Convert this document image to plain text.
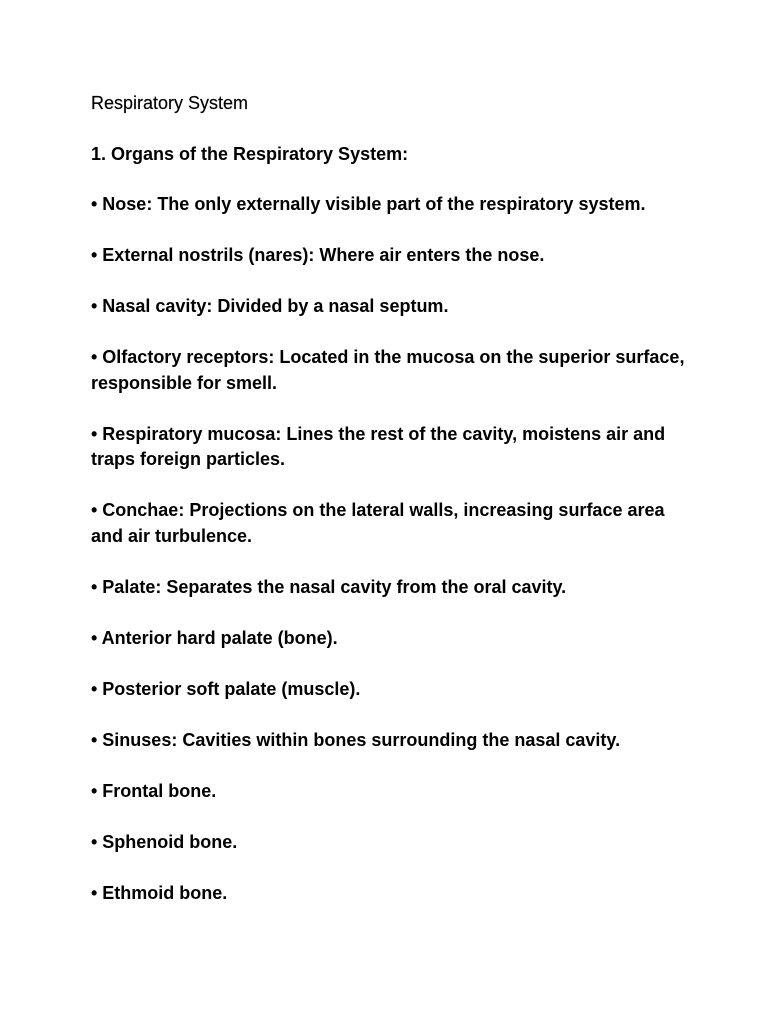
Respiratory System
1. Organs of the Respiratory System:
• Nose: The only externally visible part of the respiratory system.
• External nostrils (nares): Where air enters the nose.
• Nasal cavity: Divided by a nasal septum.
• Olfactory receptors: Located in the mucosa on the superior surface, responsible for smell.
• Respiratory mucosa: Lines the rest of the cavity, moistens air and traps foreign particles.
• Conchae: Projections on the lateral walls, increasing surface area and air turbulence.
• Palate: Separates the nasal cavity from the oral cavity.
• Anterior hard palate (bone).
• Posterior soft palate (muscle).
• Sinuses: Cavities within bones surrounding the nasal cavity.
• Frontal bone.
• Sphenoid bone.
• Ethmoid bone.
